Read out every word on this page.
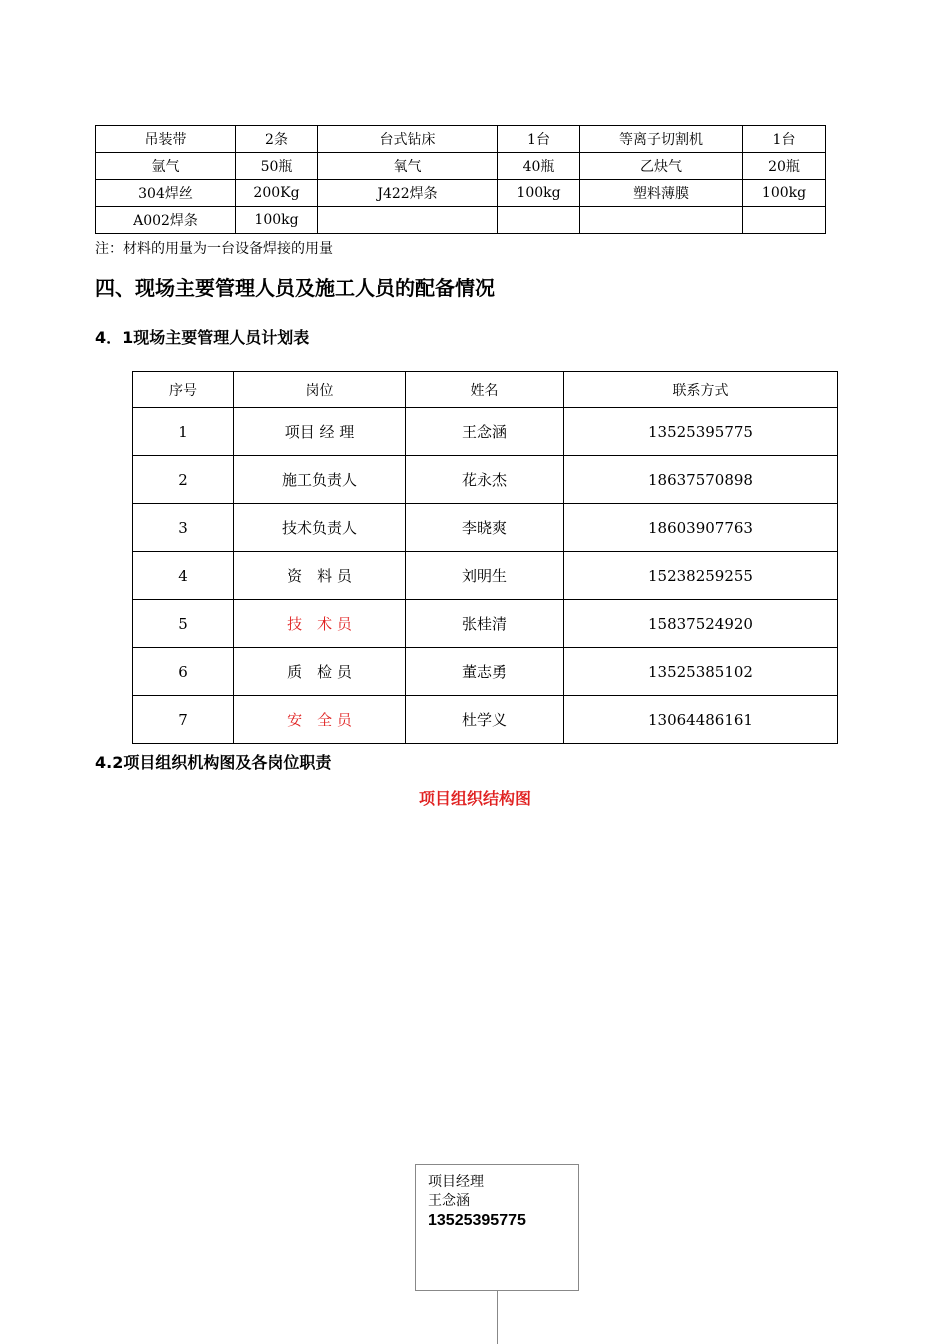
吊装带	2条	台式钻床	1台	等离子切割机	1台
氩气	50瓶	氧气	40瓶	乙炔气	20瓶
304焊丝	200Kg	J422焊条	100kg	塑料薄膜	100kg
A002焊条	100kg				
注：材料的用量为一台设备焊接的用量
四、现场主要管理人员及施工人员的配备情况
4．1现场主要管理人员计划表
序号	岗位	姓名	联系方式
1	项目 经 理	王念涵	13525395775
2	施工负责人	花永杰	18637570898
3	技术负责人	李晓爽	18603907763
4	资　料 员	刘明生	15238259255
5	技　术 员	张桂清	15837524920
6	质　检 员	董志勇	13525385102
7	安　全 员	杜学义	13064486161
4.2项目组织机构图及各岗位职责
项目组织结构图
项目经理
王念涵
13525395775
